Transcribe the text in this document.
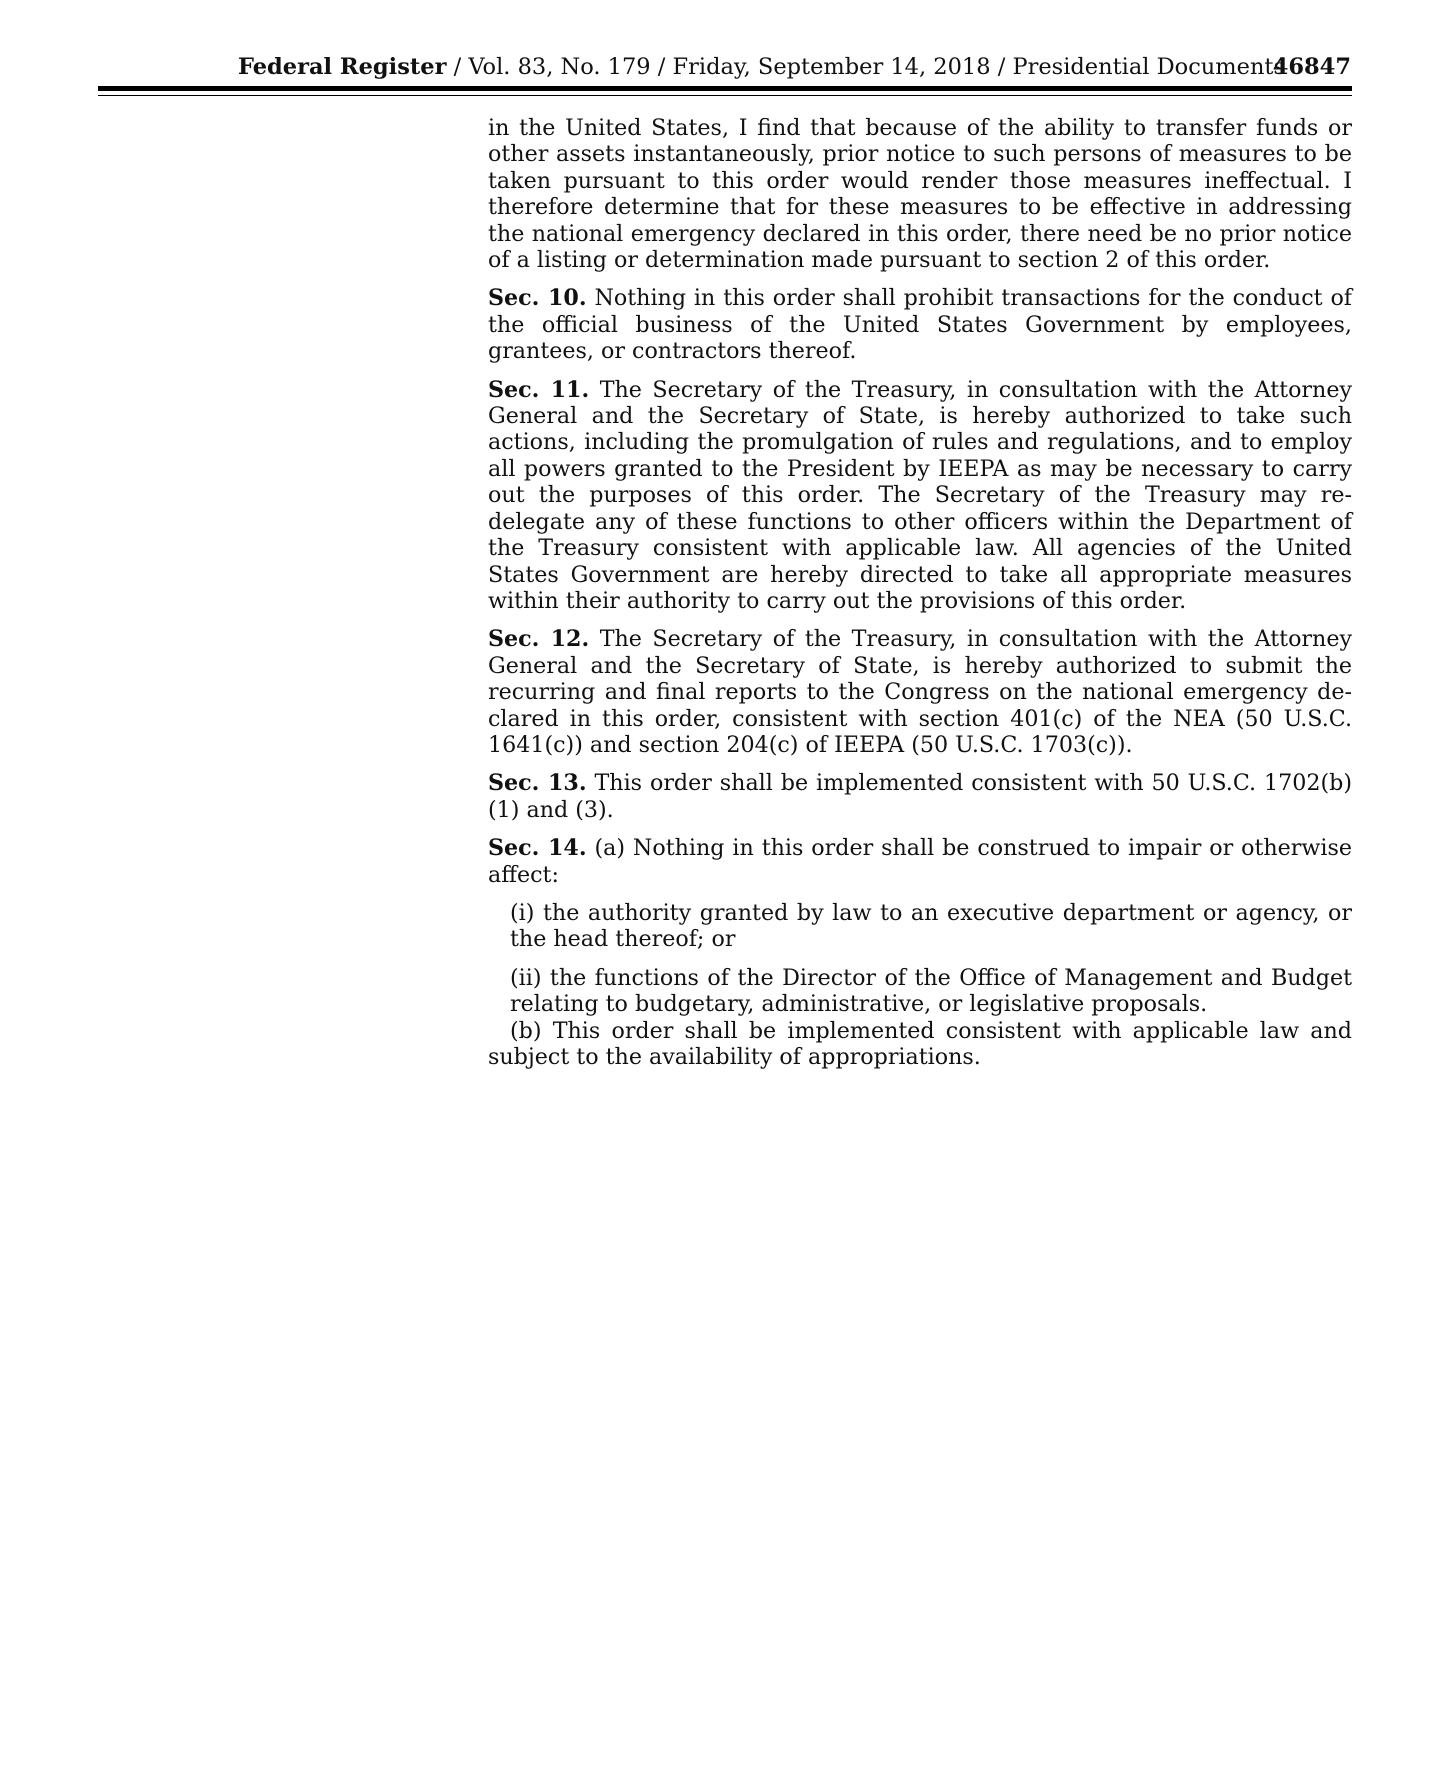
Federal Register / Vol. 83, No. 179 / Friday, September 14, 2018 / Presidential Documents
46847

in the United States, I find that because of the ability to transfer funds or other assets instantaneously, prior notice to such persons of measures to be taken pursuant to this order would render those measures ineffectual. I therefore determine that for these measures to be effective in addressing the national emergency declared in this order, there need be no prior notice of a listing or determination made pursuant to section 2 of this order.

Sec. 10. Nothing in this order shall prohibit transactions for the conduct of the official business of the United States Government by employees, grantees, or contractors thereof.

Sec. 11. The Secretary of the Treasury, in consultation with the Attorney General and the Secretary of State, is hereby authorized to take such actions, including the promulgation of rules and regulations, and to employ all powers granted to the President by IEEPA as may be necessary to carry out the purposes of this order. The Secretary of the Treasury may re-delegate any of these functions to other officers within the Department of the Treasury consistent with applicable law. All agencies of the United States Government are hereby directed to take all appropriate measures within their authority to carry out the provisions of this order.

Sec. 12. The Secretary of the Treasury, in consultation with the Attorney General and the Secretary of State, is hereby authorized to submit the recurring and final reports to the Congress on the national emergency declared in this order, consistent with section 401(c) of the NEA (50 U.S.C. 1641(c)) and section 204(c) of IEEPA (50 U.S.C. 1703(c)).

Sec. 13. This order shall be implemented consistent with 50 U.S.C. 1702(b)(1) and (3).

Sec. 14. (a) Nothing in this order shall be construed to impair or otherwise affect:

(i) the authority granted by law to an executive department or agency, or the head thereof; or

(ii) the functions of the Director of the Office of Management and Budget relating to budgetary, administrative, or legislative proposals.

(b) This order shall be implemented consistent with applicable law and subject to the availability of appropriations.
